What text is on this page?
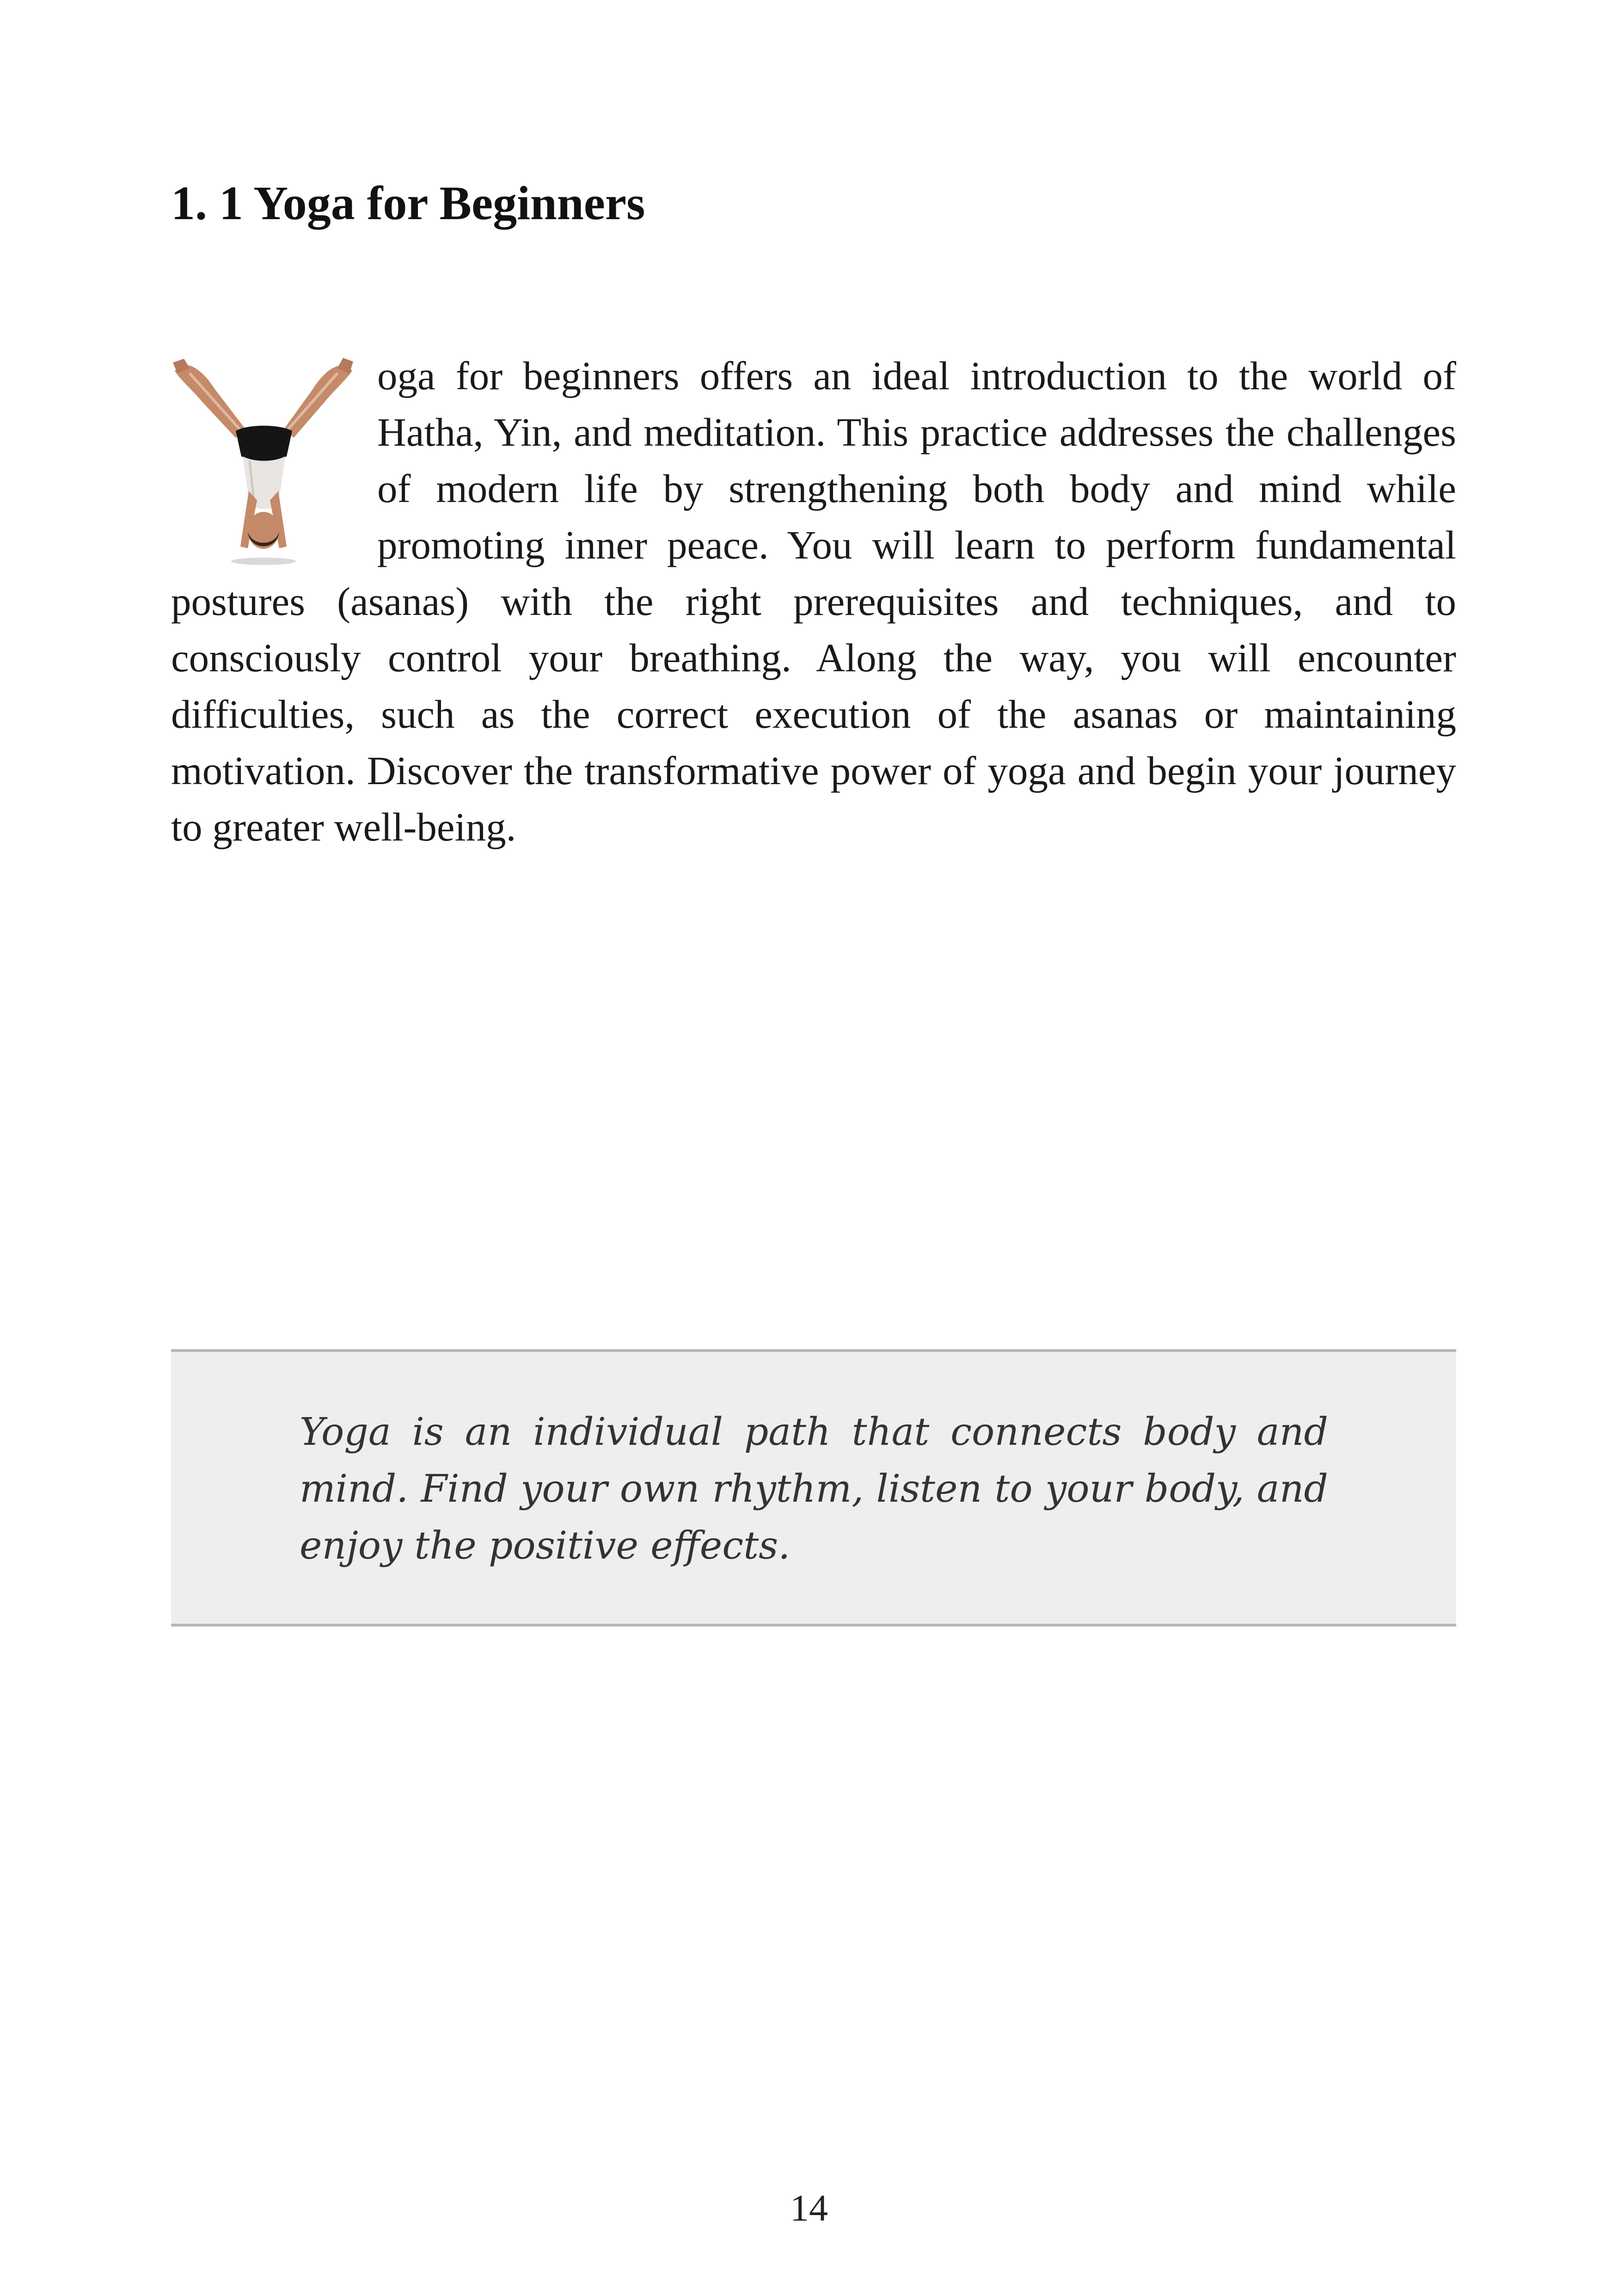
1. 1 Yoga for Beginners

oga for beginners offers an ideal introduction to the world of Hatha, Yin, and meditation. This practice addresses the challenges of modern life by strengthening both body and mind while promoting inner peace. You will learn to perform fundamental postures (asanas) with the right prerequisites and techniques, and to consciously control your breathing. Along the way, you will encounter difficulties, such as the correct execution of the asanas or maintaining motivation. Discover the transformative power of yoga and begin your journey to greater well-being.

Yoga is an individual path that connects body and mind. Find your own rhythm, listen to your body, and enjoy the positive effects.

14
